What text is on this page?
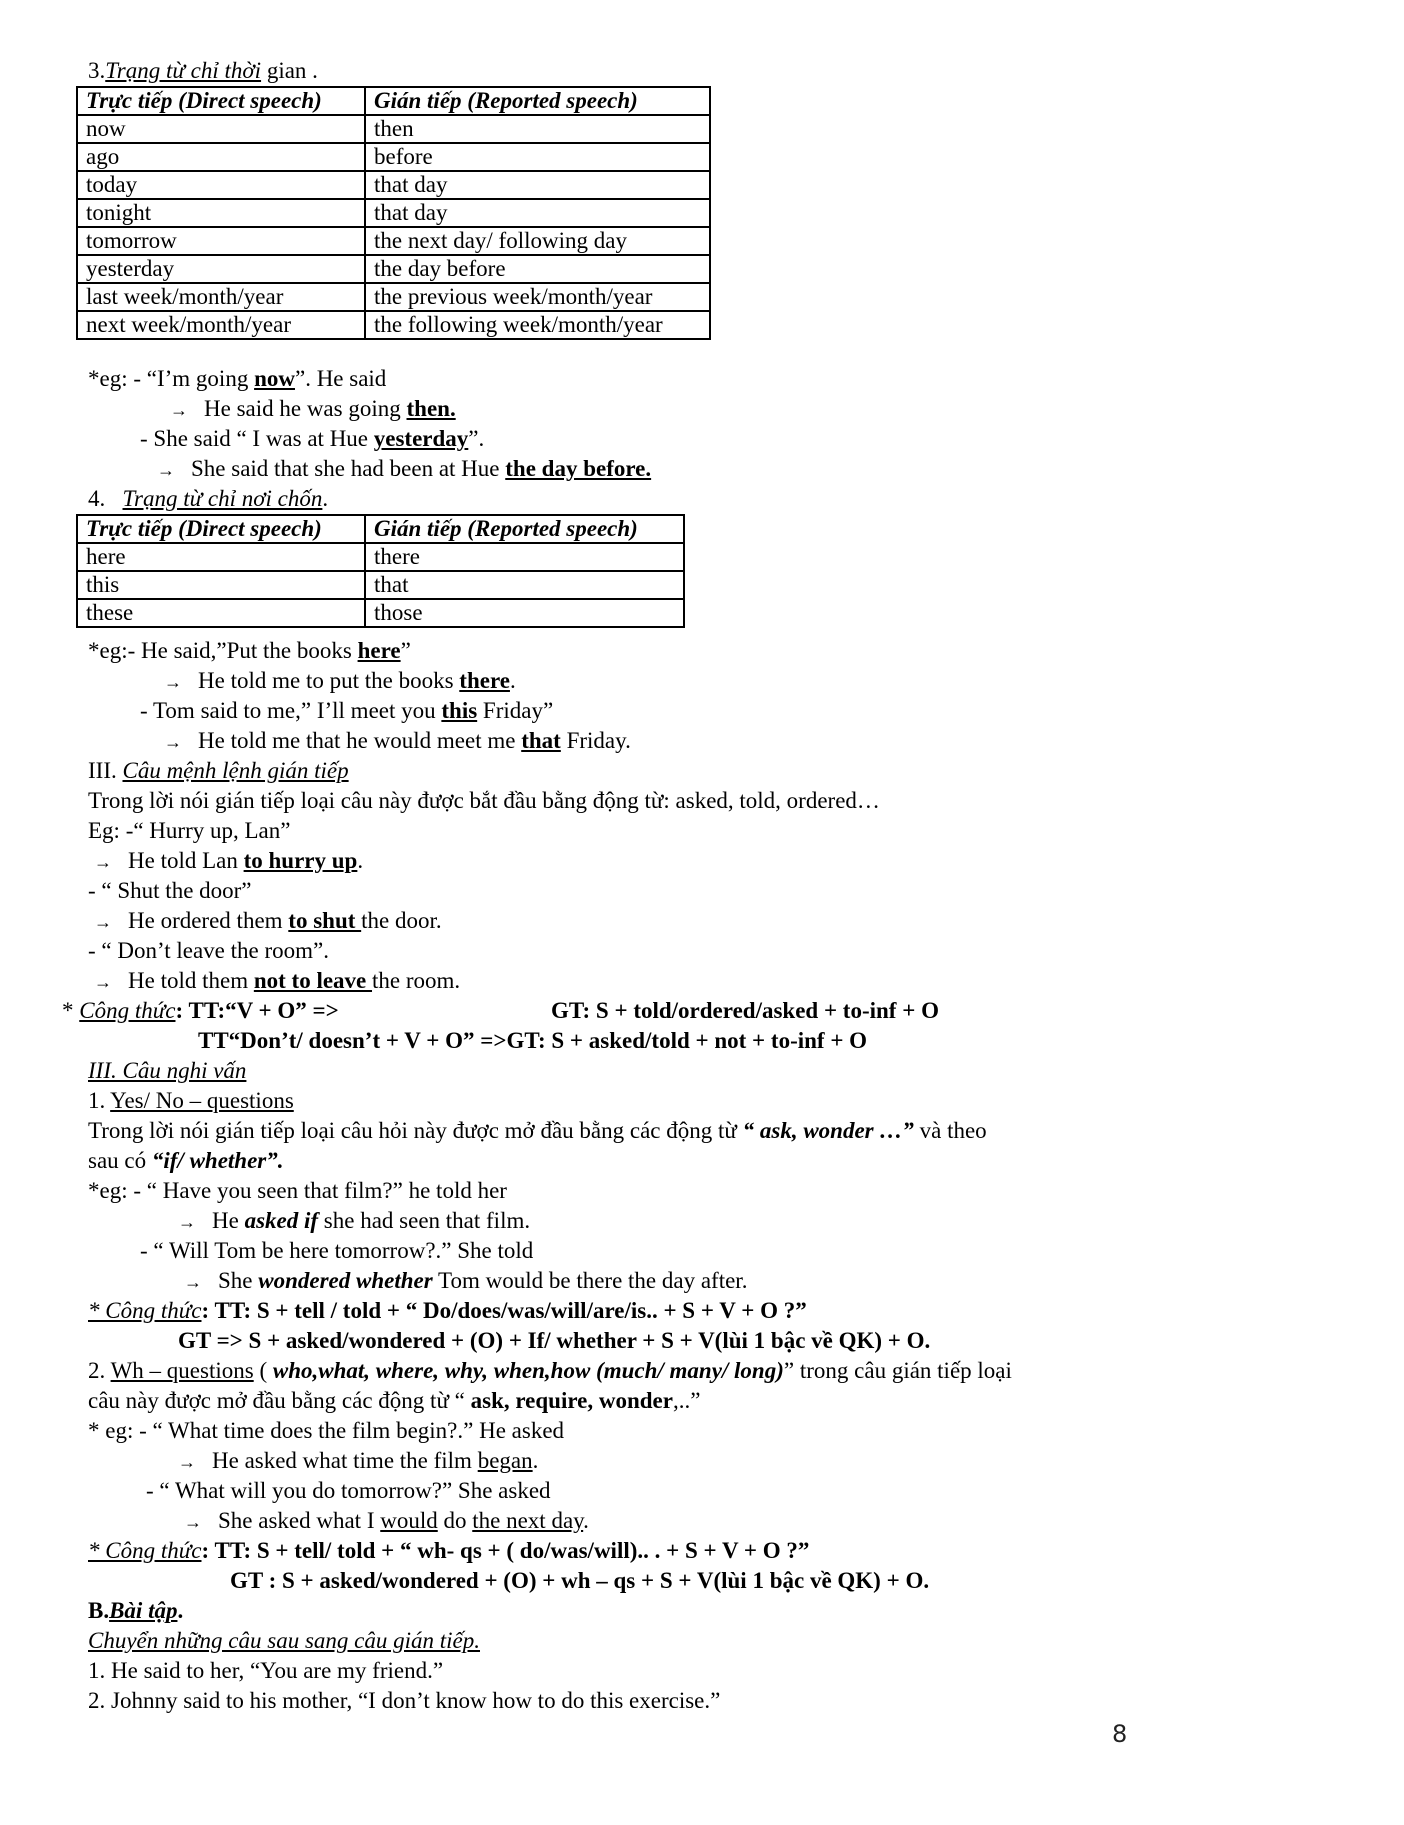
3.Trạng từ chỉ thời gian .
Trực tiếp (Direct speech)	Gián tiếp (Reported speech)
now	then
ago	before
today	that day
tonight	that day
tomorrow	the next day/ following day
yesterday	the day before
last week/month/year	the previous week/month/year
next week/month/year	the following week/month/year
*eg: - “I’m going now”. He said
→ He said he was going then.
- She said “ I was at Hue yesterday”.
→ She said that she had been at Hue the day before.
4. Trạng từ chỉ nơi chốn.
Trực tiếp (Direct speech)	Gián tiếp (Reported speech)
here	there
this	that
these	those
*eg:- He said,”Put the books here”
→ He told me to put the books there.
- Tom said to me,” I’ll meet you this Friday”
→ He told me that he would meet me that Friday.
III. Câu mệnh lệnh gián tiếp
Trong lời nói gián tiếp loại câu này được bắt đầu bằng động từ: asked, told, ordered…
Eg: -“ Hurry up, Lan”
→ He told Lan to hurry up.
- “ Shut the door”
→ He ordered them to shut the door.
- “ Don’t leave the room”.
→ He told them not to leave the room.
* Công thức: TT:“V + O” =>	GT: S + told/ordered/asked + to-inf + O
TT“Don’t/ doesn’t + V + O” =>GT: S + asked/told + not + to-inf + O
III. Câu nghi vấn
1. Yes/ No – questions
Trong lời nói gián tiếp loại câu hỏi này được mở đầu bằng các động từ “ ask, wonder …” và theo
sau có “if/ whether”.
*eg: - “ Have you seen that film?” he told her
→ He asked if she had seen that film.
- “ Will Tom be here tomorrow?.” She told
→ She wondered whether Tom would be there the day after.
* Công thức: TT: S + tell / told + “ Do/does/was/will/are/is.. + S + V + O ?”
GT => S + asked/wondered + (O) + If/ whether + S + V(lùi 1 bậc về QK) + O.
2. Wh – questions ( who,what, where, why, when,how (much/ many/ long)” trong câu gián tiếp loại
câu này được mở đầu bằng các động từ “ ask, require, wonder,..”
* eg: - “ What time does the film begin?.” He asked
→ He asked what time the film began.
- “ What will you do tomorrow?” She asked
→ She asked what I would do the next day.
* Công thức: TT: S + tell/ told + “ wh- qs + ( do/was/will).. . + S + V + O ?”
GT : S + asked/wondered + (O) + wh – qs + S + V(lùi 1 bậc về QK) + O.
B.Bài tập.
Chuyển những câu sau sang câu gián tiếp.
1. He said to her, “You are my friend.”
2. Johnny said to his mother, “I don’t know how to do this exercise.”
8
